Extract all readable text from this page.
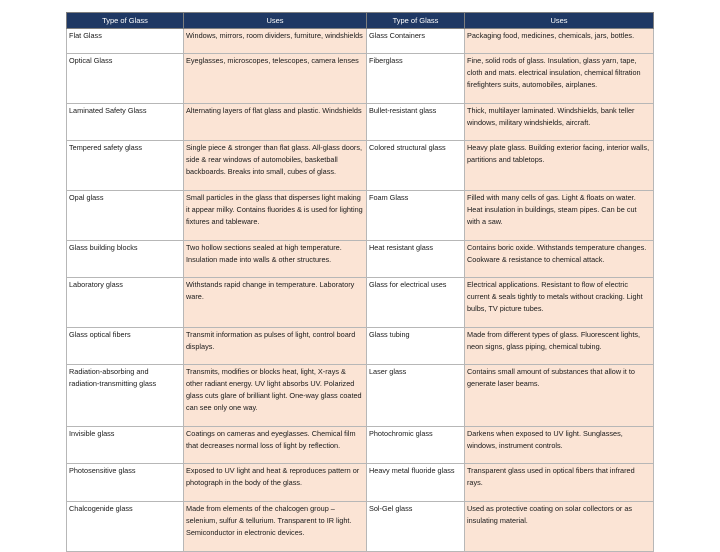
Type of Glass	Uses	Type of Glass	Uses
Flat Glass	Windows, mirrors, room dividers, furniture, windshields	Glass Containers	Packaging food, medicines, chemicals, jars, bottles.
Optical Glass	Eyeglasses, microscopes, telescopes, camera lenses	Fiberglass	Fine, solid rods of glass. Insulation, glass yarn, tape, cloth and mats. electrical insulation, chemical filtration firefighters suits, automobiles, airplanes.
Laminated Safety Glass	Alternating layers of flat glass and plastic. Windshields	Bullet-resistant glass	Thick, multilayer laminated. Windshields, bank teller windows, military windshields, aircraft.
Tempered safety glass	Single piece & stronger than flat glass. All-glass doors, side & rear windows of automobiles, basketball backboards. Breaks into small, cubes of glass.	Colored structural glass	Heavy plate glass. Building exterior facing, interior walls, partitions and tabletops.
Opal glass	Small particles in the glass that disperses light making it appear milky. Contains fluorides & is used for lighting fixtures and tableware.	Foam Glass	Filled with many cells of gas. Light & floats on water. Heat insulation in buildings, steam pipes. Can be cut with a saw.
Glass building blocks	Two hollow sections sealed at high temperature. Insulation made into walls & other structures.	Heat resistant glass	Contains boric oxide. Withstands temperature changes. Cookware & resistance to chemical attack.
Laboratory glass	Withstands rapid change in temperature. Laboratory ware.	Glass for electrical uses	Electrical applications. Resistant to flow of electric current & seals tightly to metals without cracking. Light bulbs, TV picture tubes.
Glass optical fibers	Transmit information as pulses of light, control board displays.	Glass tubing	Made from different types of glass. Fluorescent lights, neon signs, glass piping, chemical tubing.
Radiation-absorbing and radiation-transmitting glass	Transmits, modifies or blocks heat, light, X-rays & other radiant energy. UV light absorbs UV. Polarized glass cuts glare of brilliant light. One-way glass coated can see only one way.	Laser glass	Contains small amount of substances that allow it to generate laser beams.
Invisible glass	Coatings on cameras and eyeglasses. Chemical film that decreases normal loss of light by reflection.	Photochromic glass	Darkens when exposed to UV light. Sunglasses, windows, instrument controls.
Photosensitive glass	Exposed to UV light and heat & reproduces pattern or photograph in the body of the glass.	Heavy metal fluoride glass	Transparent glass used in optical fibers that infrared rays.
Chalcogenide glass	Made from elements of the chalcogen group – selenium, sulfur & tellurium. Transparent to IR light. Semiconductor in electronic devices.	Sol-Gel glass	Used as protective coating on solar collectors or as insulating material.
